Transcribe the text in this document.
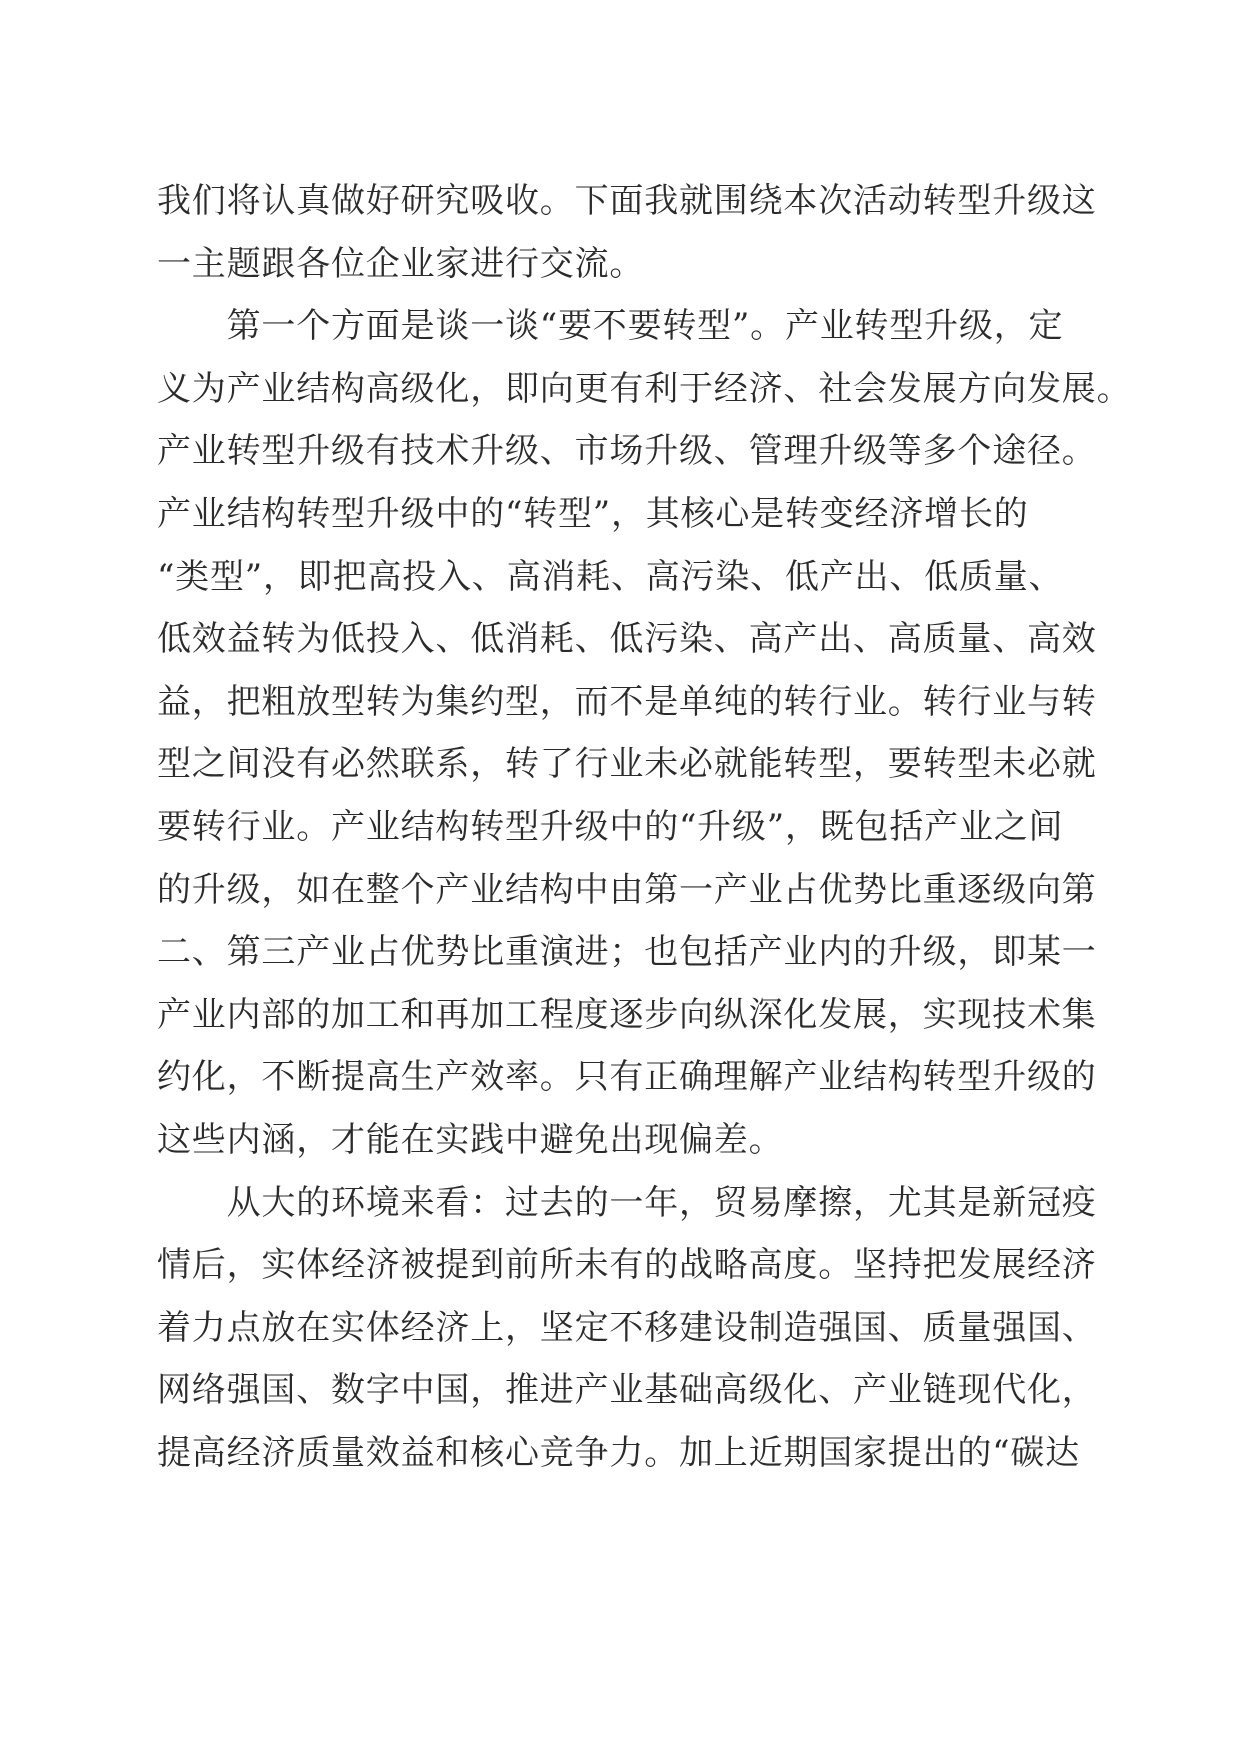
我们将认真做好研究吸收。下面我就围绕本次活动转型升级这
一主题跟各位企业家进行交流。
　　第一个方面是谈一谈“要不要转型”。产业转型升级，定
义为产业结构高级化，即向更有利于经济、社会发展方向发展。
产业转型升级有技术升级、市场升级、管理升级等多个途径。
产业结构转型升级中的“转型”，其核心是转变经济增长的
“类型”，即把高投入、高消耗、高污染、低产出、低质量、
低效益转为低投入、低消耗、低污染、高产出、高质量、高效
益，把粗放型转为集约型，而不是单纯的转行业。转行业与转
型之间没有必然联系，转了行业未必就能转型，要转型未必就
要转行业。产业结构转型升级中的“升级”，既包括产业之间
的升级，如在整个产业结构中由第一产业占优势比重逐级向第
二、第三产业占优势比重演进；也包括产业内的升级，即某一
产业内部的加工和再加工程度逐步向纵深化发展，实现技术集
约化，不断提高生产效率。只有正确理解产业结构转型升级的
这些内涵，才能在实践中避免出现偏差。
　　从大的环境来看：过去的一年，贸易摩擦，尤其是新冠疫
情后，实体经济被提到前所未有的战略高度。坚持把发展经济
着力点放在实体经济上，坚定不移建设制造强国、质量强国、
网络强国、数字中国，推进产业基础高级化、产业链现代化，
提高经济质量效益和核心竞争力。加上近期国家提出的“碳达
